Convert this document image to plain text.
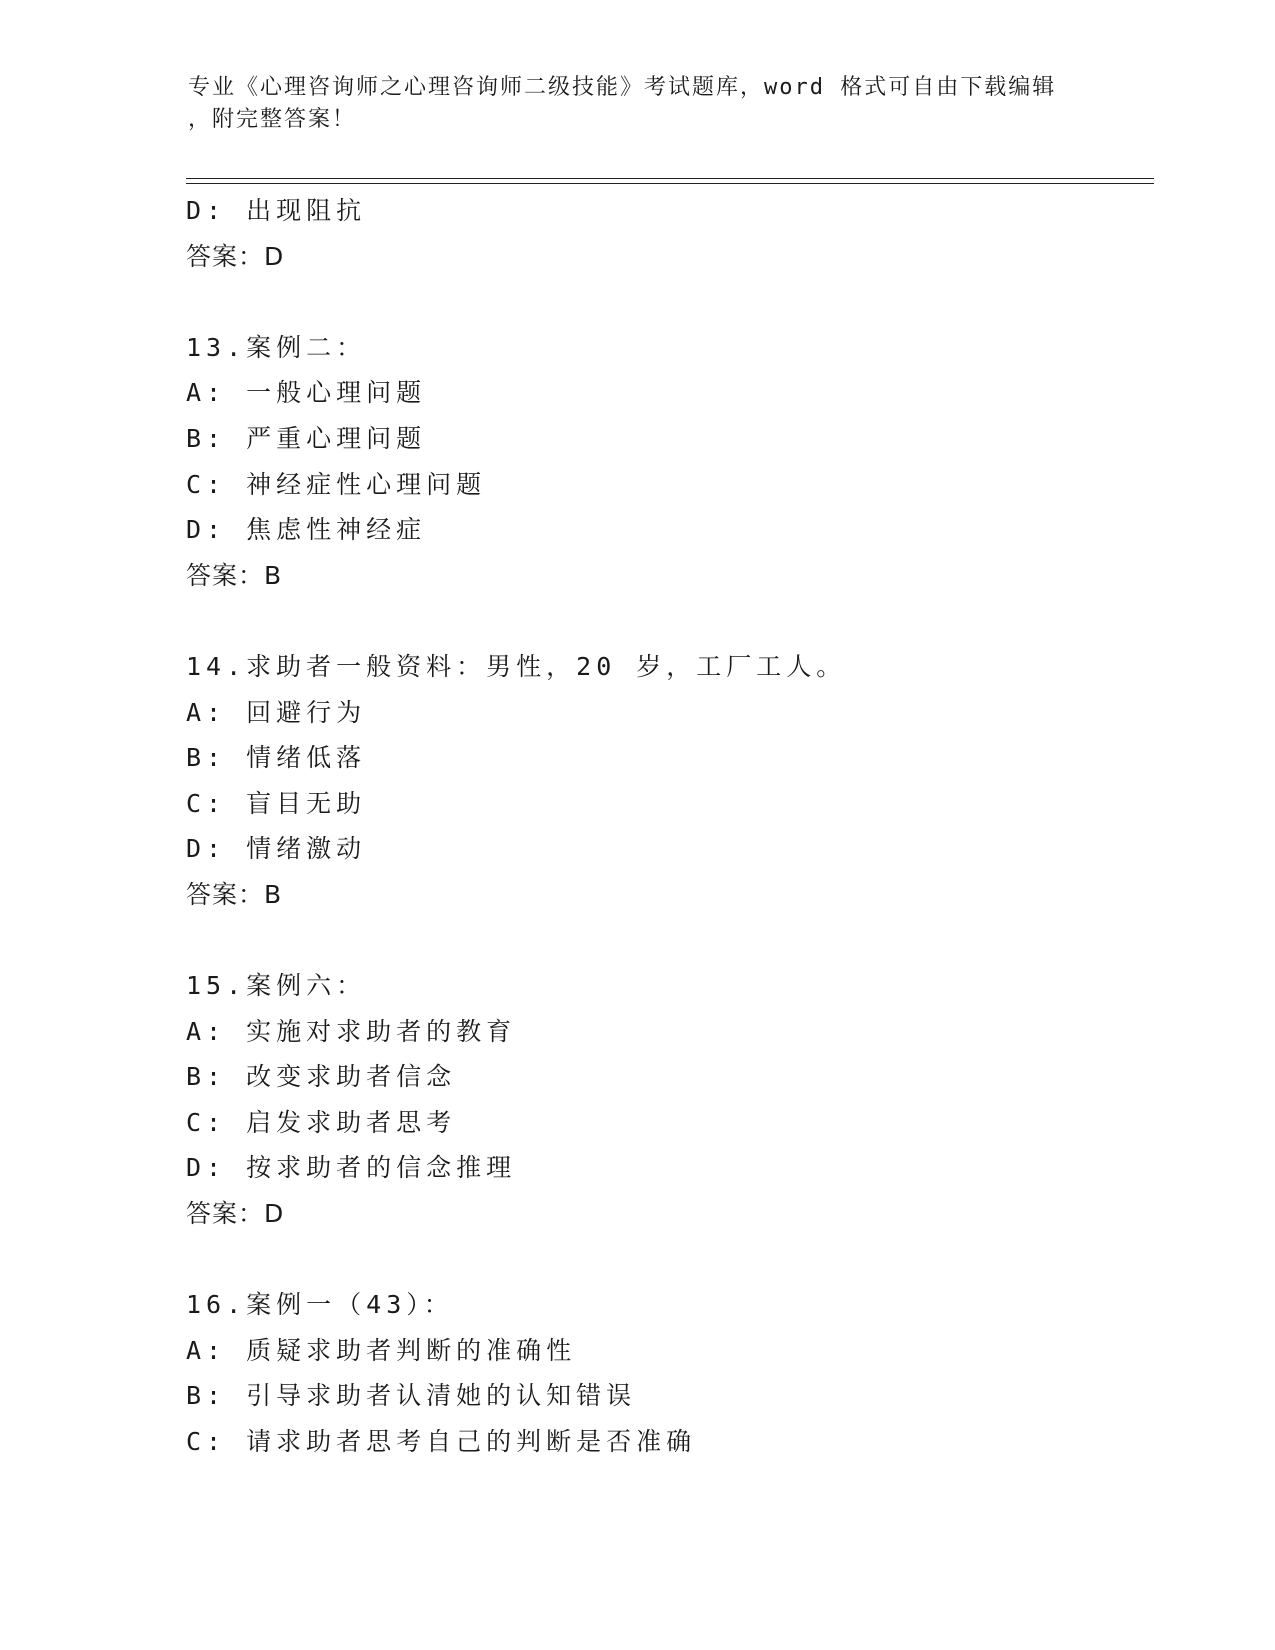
专业《心理咨询师之心理咨询师二级技能》考试题库，word 格式可自由下载编辑
，附完整答案！
D: 出现阻抗
答案：D
13.案例二：
A: 一般心理问题
B: 严重心理问题
C: 神经症性心理问题
D: 焦虑性神经症
答案：B
14.求助者一般资料：男性，20 岁，工厂工人。
A: 回避行为
B: 情绪低落
C: 盲目无助
D: 情绪激动
答案：B
15.案例六：
A: 实施对求助者的教育
B: 改变求助者信念
C: 启发求助者思考
D: 按求助者的信念推理
答案：D
16.案例一（43）：
A: 质疑求助者判断的准确性
B: 引导求助者认清她的认知错误
C: 请求助者思考自己的判断是否准确
